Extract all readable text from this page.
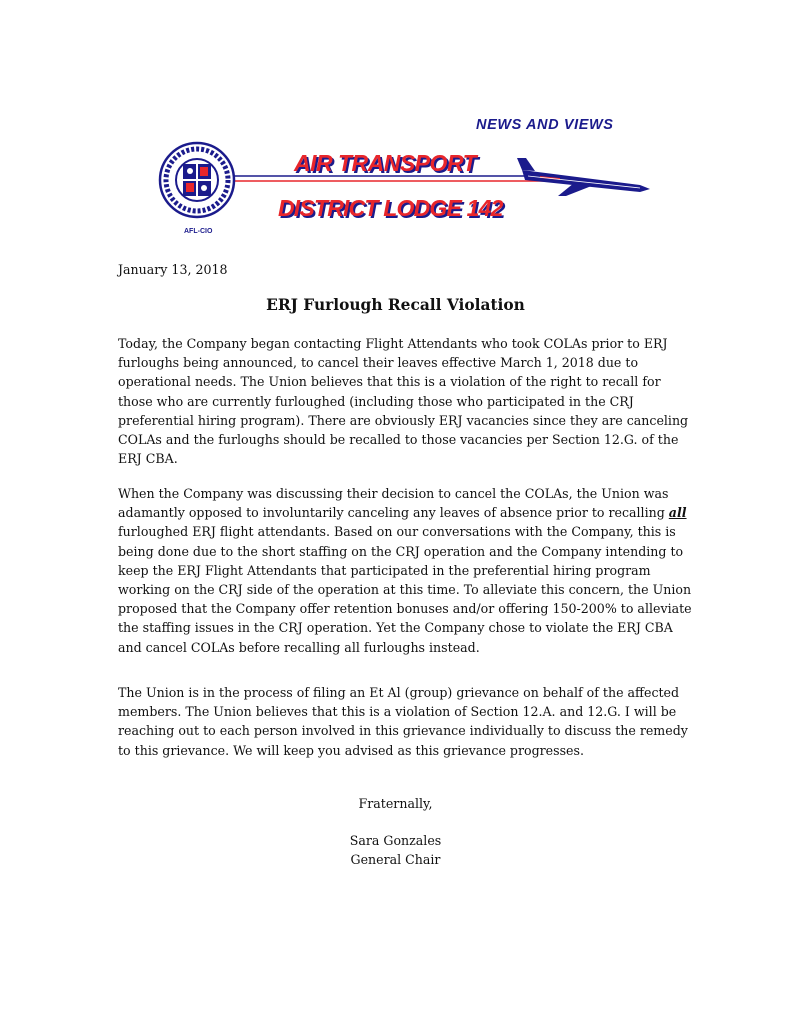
NEWS AND VIEWS
AIR TRANSPORT
DISTRICT LODGE 142
AFL-CIO
January 13, 2018
ERJ Furlough Recall Violation

Today, the Company began contacting Flight Attendants who took COLAs prior to ERJ furloughs being announced, to cancel their leaves effective March 1, 2018 due to operational needs. The Union believes that this is a violation of the right to recall for those who are currently furloughed (including those who participated in the CRJ preferential hiring program). There are obviously ERJ vacancies since they are canceling COLAs and the furloughs should be recalled to those vacancies per Section 12.G. of the ERJ CBA.

When the Company was discussing their decision to cancel the COLAs, the Union was adamantly opposed to involuntarily canceling any leaves of absence prior to recalling all furloughed ERJ flight attendants. Based on our conversations with the Company, this is being done due to the short staffing on the CRJ operation and the Company intending to keep the ERJ Flight Attendants that participated in the preferential hiring program working on the CRJ side of the operation at this time. To alleviate this concern, the Union proposed that the Company offer retention bonuses and/or offering 150-200% to alleviate the staffing issues in the CRJ operation. Yet the Company chose to violate the ERJ CBA and cancel COLAs before recalling all furloughs instead.

The Union is in the process of filing an Et Al (group) grievance on behalf of the affected members. The Union believes that this is a violation of Section 12.A. and 12.G. I will be reaching out to each person involved in this grievance individually to discuss the remedy to this grievance. We will keep you advised as this grievance progresses.

Fraternally,
Sara Gonzales
General Chair
